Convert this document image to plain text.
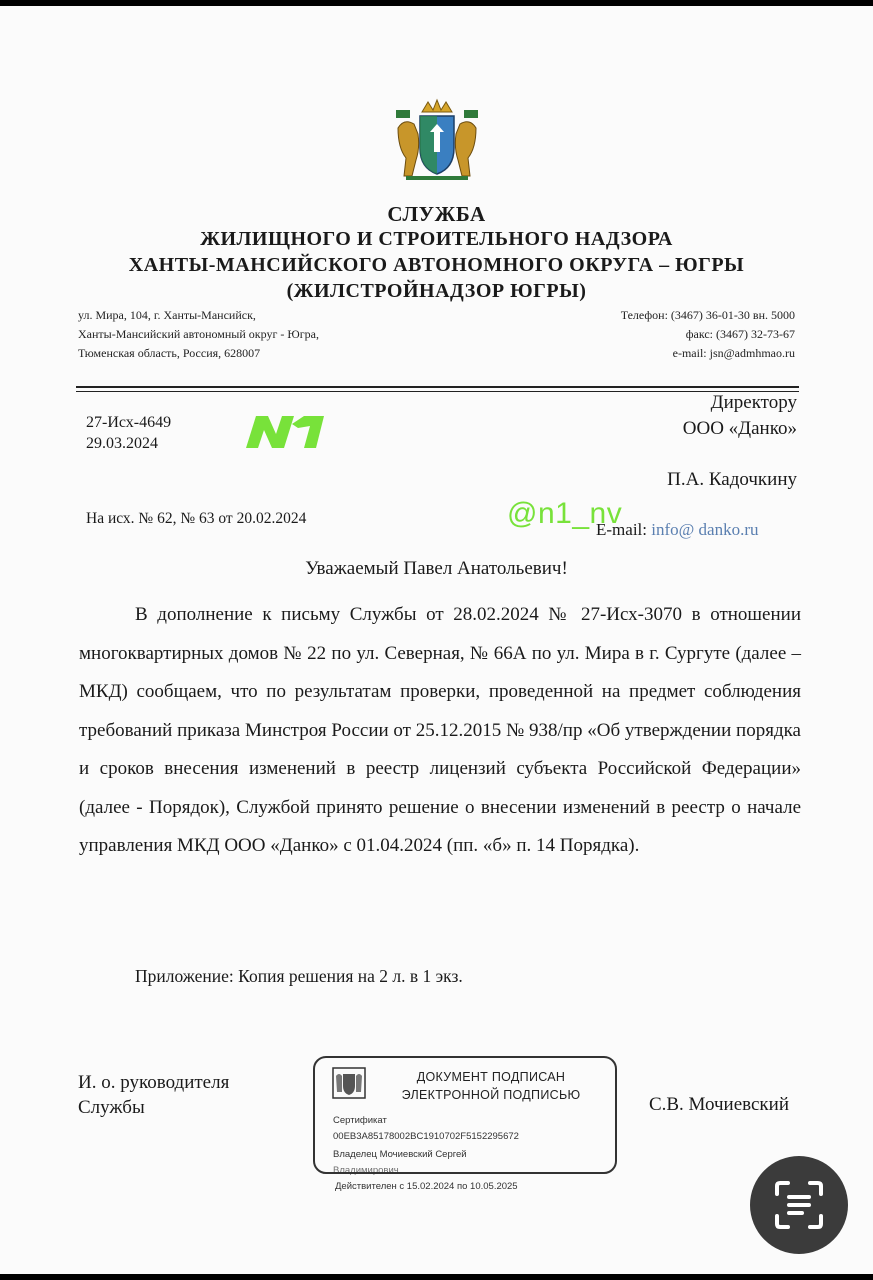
СЛУЖБА
ЖИЛИЩНОГО И СТРОИТЕЛЬНОГО НАДЗОРА
ХАНТЫ-МАНСИЙСКОГО АВТОНОМНОГО ОКРУГА – ЮГРЫ
(ЖИЛСТРОЙНАДЗОР ЮГРЫ)
ул. Мира, 104, г. Ханты-Мансийск,
Ханты-Мансийский автономный округ - Югра,
Тюменская область, Россия, 628007
Телефон: (3467) 36-01-30 вн. 5000
факс: (3467) 32-73-67
e-mail: jsn@admhmao.ru
27-Исх-4649
29.03.2024
Директору
ООО «Данко»
П.А. Кадочкину
На исх. № 62, № 63 от 20.02.2024
E-mail: info@ danko.ru
@n1_nv
Уважаемый Павел Анатольевич!
В дополнение к письму Службы от 28.02.2024 № 27-Исх-3070 в отношении многоквартирных домов № 22 по ул. Северная, № 66А по ул. Мира в г. Сургуте (далее – МКД) сообщаем, что по результатам проверки, проведенной на предмет соблюдения требований приказа Минстроя России от 25.12.2015 № 938/пр «Об утверждении порядка и сроков внесения изменений в реестр лицензий субъекта Российской Федерации» (далее - Порядок), Службой принято решение о внесении изменений в реестр о начале управления МКД ООО «Данко» с 01.04.2024 (пп. «б» п. 14 Порядка).
Приложение: Копия решения на 2 л. в 1 экз.
И. о. руководителя
Службы	С.В. Мочиевский
ДОКУМЕНТ ПОДПИСАН
ЭЛЕКТРОННОЙ ПОДПИСЬЮ
Сертификат
00EB3A85178002BC1910702F5152295672
Владелец Мочиевский Сергей
Владимирович
Действителен с 15.02.2024 по 10.05.2025
